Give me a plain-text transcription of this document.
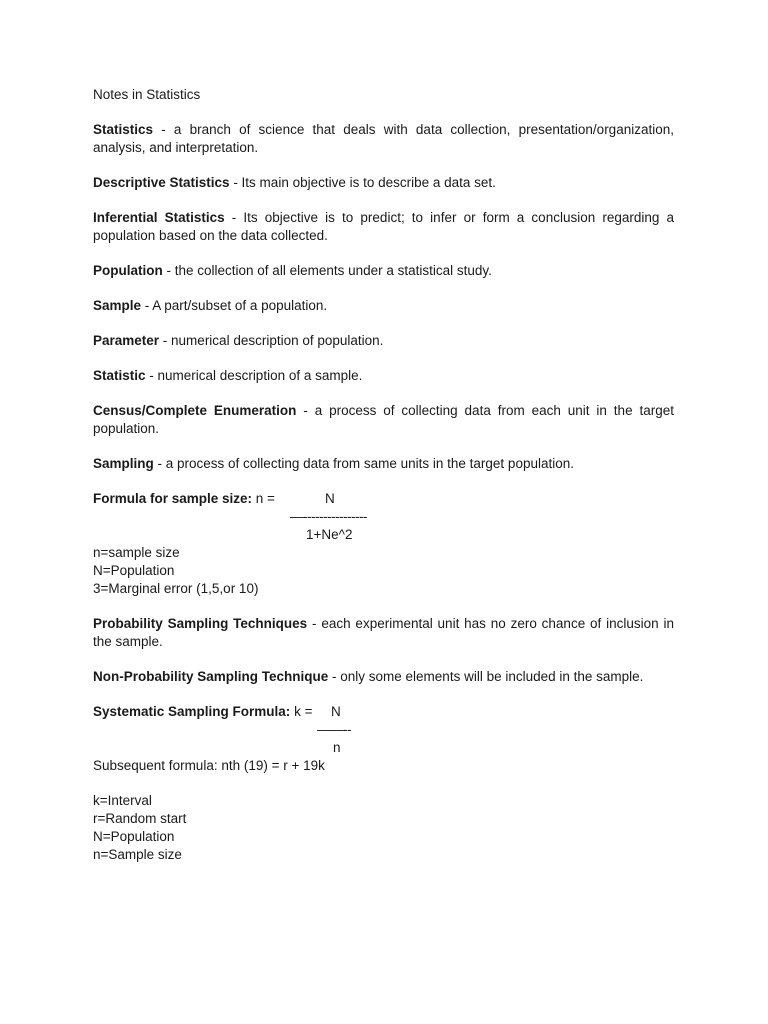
Notes in Statistics

Statistics - a branch of science that deals with data collection, presentation/organization, analysis, and interpretation.

Descriptive Statistics - Its main objective is to describe a data set.

Inferential Statistics - Its objective is to predict; to infer or form a conclusion regarding a population based on the data collected.

Population - the collection of all elements under a statistical study.

Sample - A part/subset of a population.

Parameter - numerical description of population.

Statistic - numerical description of a sample.

Census/Complete Enumeration - a process of collecting data from each unit in the target population.

Sampling - a process of collecting data from same units in the target population.

Formula for sample size: n =	N
—----------------
1+Ne^2

n=sample size

N=Population

3=Marginal error (1,5,or 10)

Probability Sampling Techniques - each experimental unit has no zero chance of inclusion in the sample.

Non-Probability Sampling Technique - only some elements will be included in the sample.

Systematic Sampling Formula: k = N
——--
n

Subsequent formula: nth (19) = r + 19k

k=Interval

r=Random start

N=Population

n=Sample size
